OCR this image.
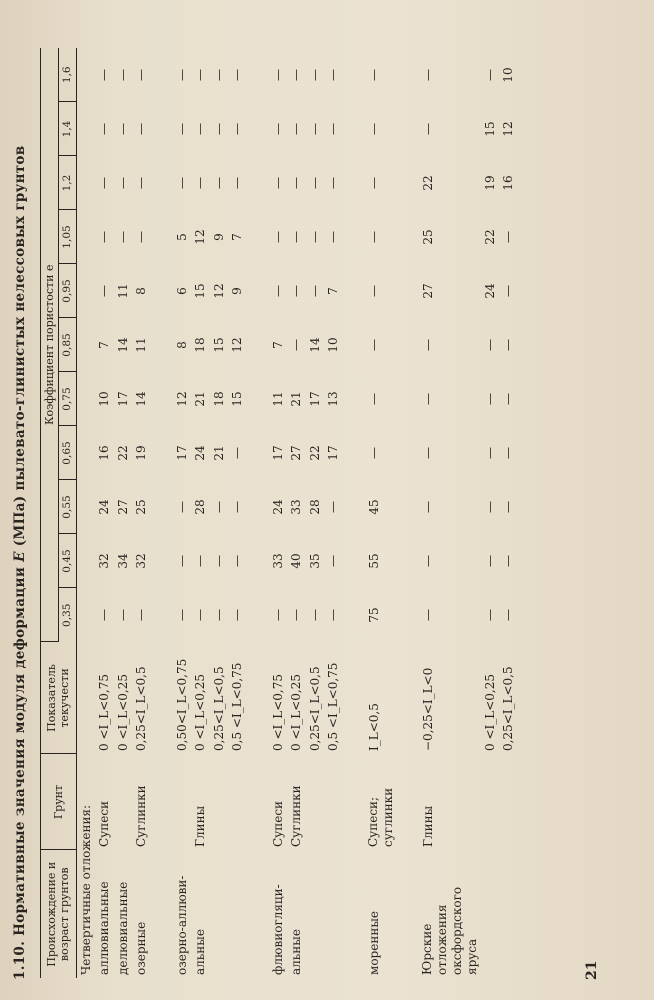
1.10. Нормативные значения модуля деформации E (МПа) пылевато-глинистых нелессовых грунтов
Происхождение и возраст грунтов	Грунт	Показатель текучести	Коэффициент пористости e										
			0,35	0,45	0,55	0,65	0,75	0,85	0,95	1,05	1,2	1,4	1,6
Четвертичные отложения:													
аллювиальные	Супеси	0 <I_L<0,75	—	32	24	16	10	7	—	—	—	—	—
делювиальные		0 <I_L<0,25	—	34	27	22	17	14	11	—	—	—	—
озерные	Суглинки	0,25<I_L<0,5	—	32	25	19	14	11	8	—	—	—	—

озерно-аллюви-		0,50<I_L<0,75	—	—	—	17	12	8	6	5	—	—	—
альные	Глины	0 <I_L<0,25	—	—	28	24	21	18	15	12	—	—	—
		0,25<I_L<0,5	—	—	—	21	18	15	12	9	—	—	—
		0,5 <I_L<0,75	—	—	—	—	15	12	9	7	—	—	—

флювиогляци-	Супеси	0 <I_L<0,75	—	33	24	17	11	7	—	—	—	—	—
альные	Суглинки	0 <I_L<0,25	—	40	33	27	21	—	—	—	—	—	—
		0,25<I_L<0,5	—	35	28	22	17	14	—	—	—	—	—
		0,5 <I_L<0,75	—	—	—	17	13	10	7	—	—	—	—

моренные	Супеси; суглинки	I_L<0,5	75	55	45	—	—	—	—	—	—	—	—

Юрские отложения оксфордского яруса	Глины	−0,25<I_L<0	—	—	—	—	—	—	27	25	22	—	—
		0 <I_L<0,25	—	—	—	—	—	—	24	22	19	15	—
		0,25<I_L<0,5	—	—	—	—	—	—	—	—	16	12	10
21
